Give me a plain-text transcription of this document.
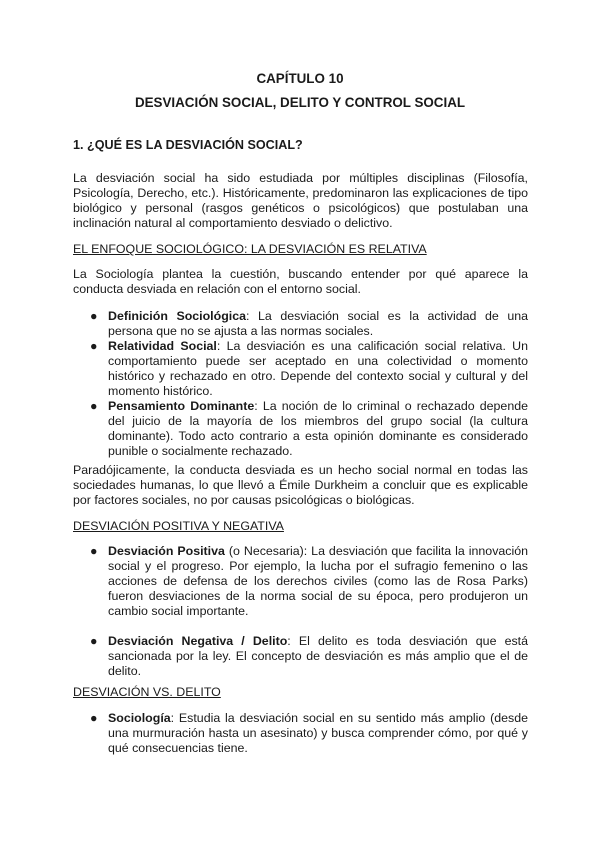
CAPÍTULO 10
DESVIACIÓN SOCIAL, DELITO Y CONTROL SOCIAL
1. ¿QUÉ ES LA DESVIACIÓN SOCIAL?
La desviación social ha sido estudiada por múltiples disciplinas (Filosofía, Psicología, Derecho, etc.). Históricamente, predominaron las explicaciones de tipo biológico y personal (rasgos genéticos o psicológicos) que postulaban una inclinación natural al comportamiento desviado o delictivo.
EL ENFOQUE SOCIOLÓGICO: LA DESVIACIÓN ES RELATIVA
La Sociología plantea la cuestión, buscando entender por qué aparece la conducta desviada en relación con el entorno social.
● Definición Sociológica: La desviación social es la actividad de una persona que no se ajusta a las normas sociales.
● Relatividad Social: La desviación es una calificación social relativa. Un comportamiento puede ser aceptado en una colectividad o momento histórico y rechazado en otro. Depende del contexto social y cultural y del momento histórico.
● Pensamiento Dominante: La noción de lo criminal o rechazado depende del juicio de la mayoría de los miembros del grupo social (la cultura dominante). Todo acto contrario a esta opinión dominante es considerado punible o socialmente rechazado.
Paradójicamente, la conducta desviada es un hecho social normal en todas las sociedades humanas, lo que llevó a Émile Durkheim a concluir que es explicable por factores sociales, no por causas psicológicas o biológicas.
DESVIACIÓN POSITIVA Y NEGATIVA
● Desviación Positiva (o Necesaria): La desviación que facilita la innovación social y el progreso. Por ejemplo, la lucha por el sufragio femenino o las acciones de defensa de los derechos civiles (como las de Rosa Parks) fueron desviaciones de la norma social de su época, pero produjeron un cambio social importante.
● Desviación Negativa / Delito: El delito es toda desviación que está sancionada por la ley. El concepto de desviación es más amplio que el de delito.
DESVIACIÓN VS. DELITO
● Sociología: Estudia la desviación social en su sentido más amplio (desde una murmuración hasta un asesinato) y busca comprender cómo, por qué y qué consecuencias tiene.
